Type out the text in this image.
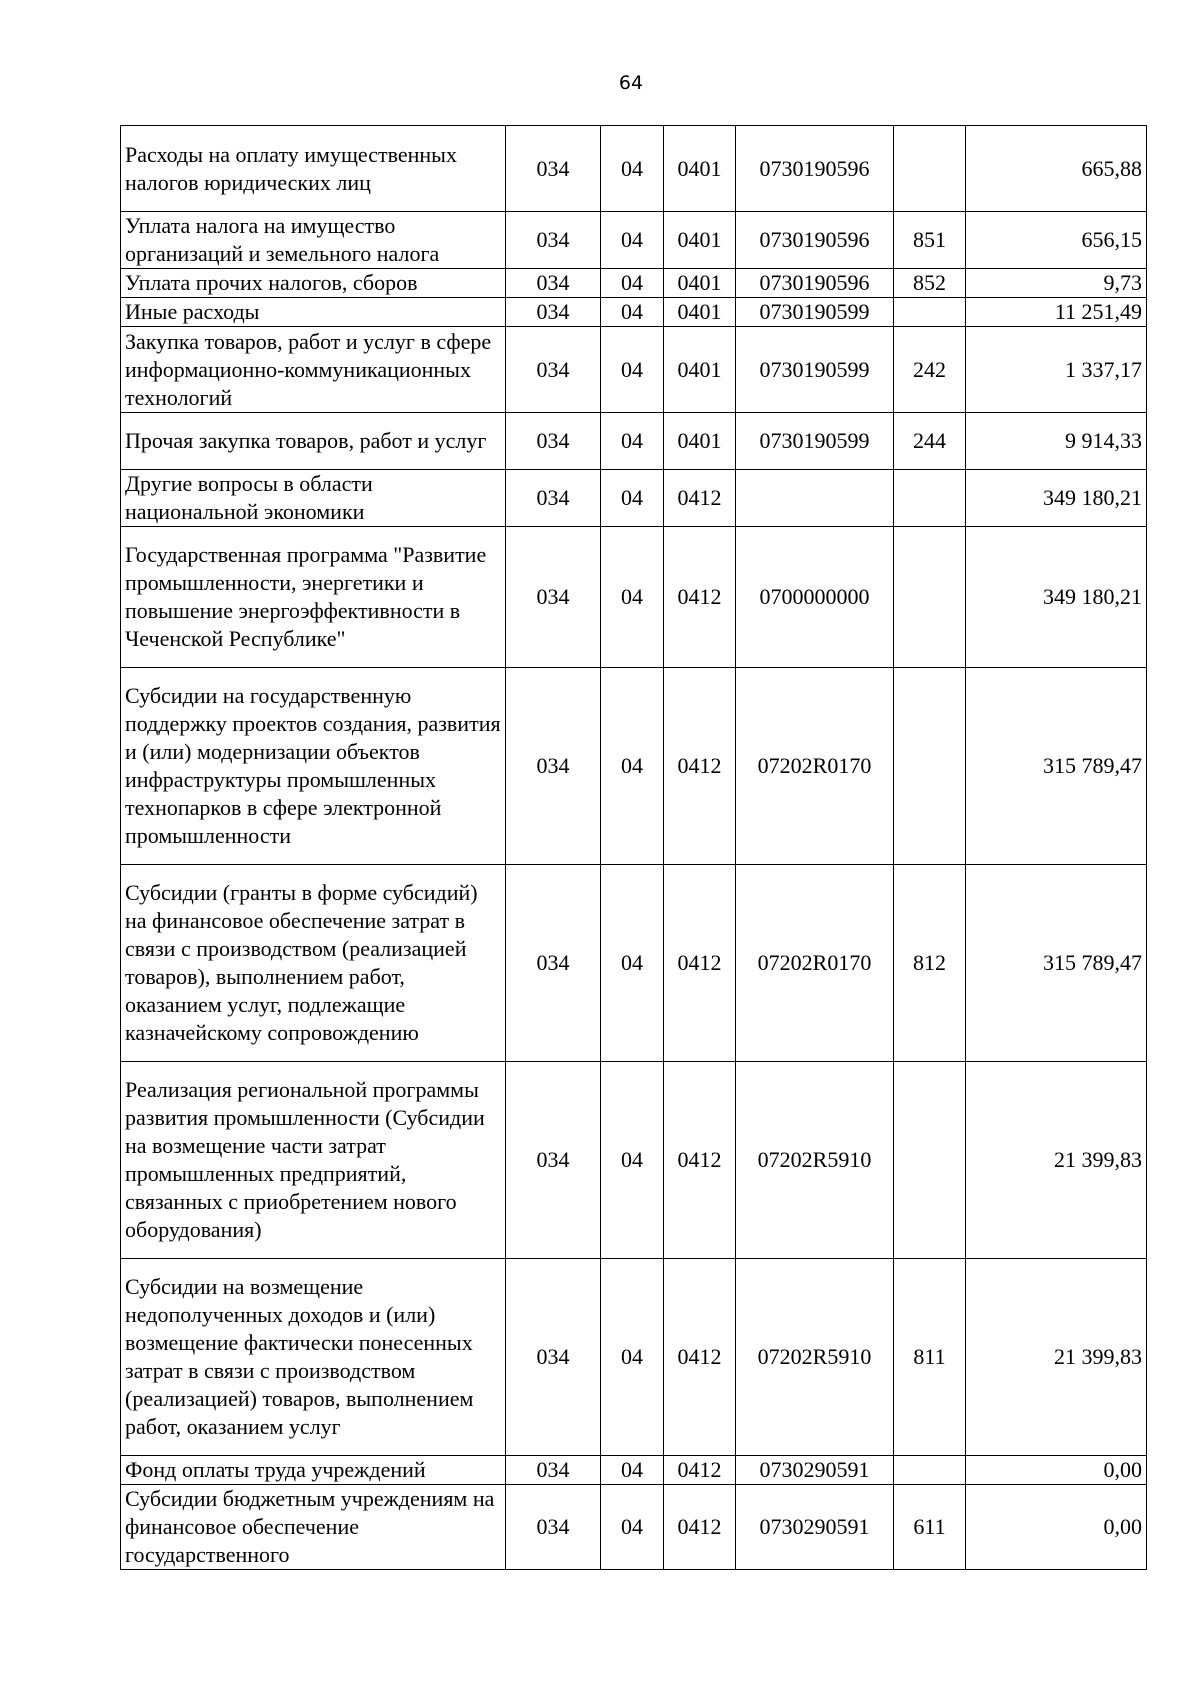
64
Расходы на оплату имущественных налогов юридических лиц	034	04	0401	0730190596		665,88
Уплата налога на имущество организаций и земельного налога	034	04	0401	0730190596	851	656,15
Уплата прочих налогов, сборов	034	04	0401	0730190596	852	9,73
Иные расходы	034	04	0401	0730190599		11 251,49
Закупка товаров, работ и услуг в сфере информационно-коммуникационных технологий	034	04	0401	0730190599	242	1 337,17
Прочая закупка товаров, работ и услуг	034	04	0401	0730190599	244	9 914,33
Другие вопросы в области национальной экономики	034	04	0412			349 180,21
Государственная программа "Развитие промышленности, энергетики и повышение энергоэффективности в Чеченской Республике"	034	04	0412	0700000000		349 180,21
Субсидии на государственную поддержку проектов создания, развития и (или) модернизации объектов инфраструктуры промышленных технопарков в сфере электронной промышленности	034	04	0412	07202R0170		315 789,47
Субсидии (гранты в форме субсидий) на финансовое обеспечение затрат в связи с производством (реализацией товаров), выполнением работ, оказанием услуг, подлежащие казначейскому сопровождению	034	04	0412	07202R0170	812	315 789,47
Реализация региональной программы развития промышленности (Субсидии на возмещение части затрат промышленных предприятий, связанных с приобретением нового оборудования)	034	04	0412	07202R5910		21 399,83
Субсидии на возмещение недополученных доходов и (или) возмещение фактически понесенных затрат в связи с производством (реализацией) товаров, выполнением работ, оказанием услуг	034	04	0412	07202R5910	811	21 399,83
Фонд оплаты труда учреждений	034	04	0412	0730290591		0,00
Субсидии бюджетным учреждениям на финансовое обеспечение государственного	034	04	0412	0730290591	611	0,00
